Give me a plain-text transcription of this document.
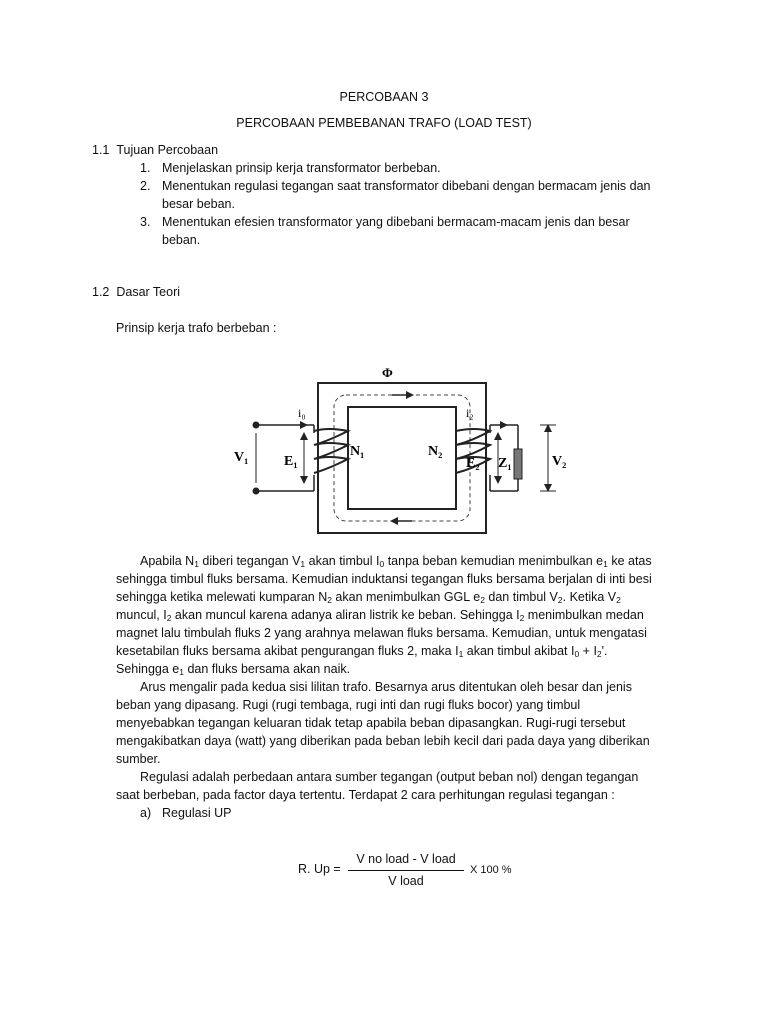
PERCOBAAN 3
PERCOBAAN PEMBEBANAN TRAFO (LOAD TEST)
1.1 Tujuan Percobaan
1. Menjelaskan prinsip kerja transformator berbeban.
2. Menentukan regulasi tegangan saat transformator dibebani dengan bermacam jenis dan
besar beban.
3. Menentukan efesien transformator yang dibebani bermacam-macam jenis dan besar
beban.
1.2 Dasar Teori
Prinsip kerja trafo berbeban :
Φ
i₀	i₂
V₁	E₁
N₁	N₂
E₂ Z₁	V₂
Apabila $N_1$ diberi tegangan $V_1$ akan timbul $I_0$ tanpa beban kemudian menimbulkan $e_1$ ke atas
sehingga timbul fluks bersama. Kemudian induktansi tegangan fluks bersama berjalan di inti besi
sehingga ketika melewati kumparan $N_2$ akan menimbulkan GGL $e_2$ dan timbul $V_2$. Ketika $V_2$
muncul, $I_2$ akan muncul karena adanya aliran listrik ke beban. Sehingga $I_2$ menimbulkan medan
magnet lalu timbulah fluks 2 yang arahnya melawan fluks bersama. Kemudian, untuk mengatasi
kesetabilan fluks bersama akibat pengurangan fluks 2, maka $I_1$ akan timbul akibat $I_0 + I_2'$.
Sehingga $e_1$ dan fluks bersama akan naik.
Arus mengalir pada kedua sisi lilitan trafo. Besarnya arus ditentukan oleh besar dan jenis
beban yang dipasang. Rugi (rugi tembaga, rugi inti dan rugi fluks bocor) yang timbul
menyebabkan tegangan keluaran tidak tetap apabila beban dipasangkan. Rugi-rugi tersebut
mengakibatkan daya (watt) yang diberikan pada beban lebih kecil dari pada daya yang diberikan
sumber.
Regulasi adalah perbedaan antara sumber tegangan (output beban nol) dengan tegangan
saat berbeban, pada factor daya tertentu. Terdapat 2 cara perhitungan regulasi tegangan :
a) Regulasi UP
R. Up =
V no load - V load
V load
X 100 %
